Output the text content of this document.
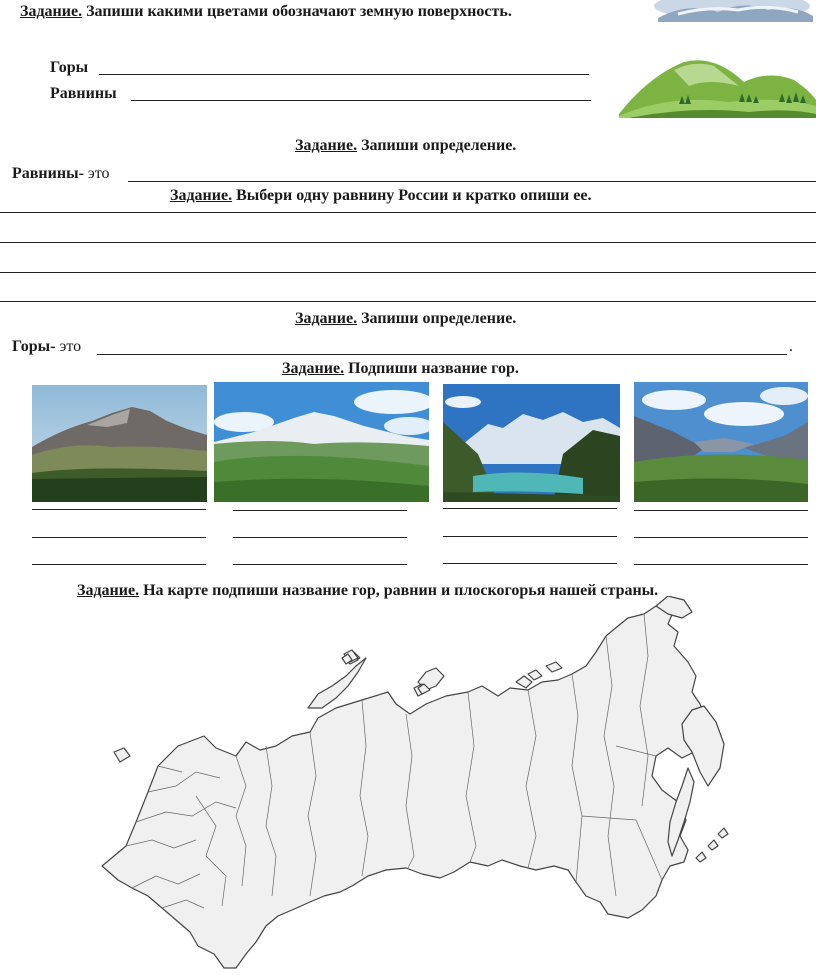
Задание. Запиши какими цветами обозначают земную поверхность.
Горы
Равнины
Задание. Запиши определение.
Равнины- это
Задание. Выбери одну равнину России и кратко опиши ее.
Задание. Запиши определение.
Горы- это	.
Задание. Подпиши название гор.
Задание. На карте подпиши название гор, равнин и плоскогорья нашей страны.
